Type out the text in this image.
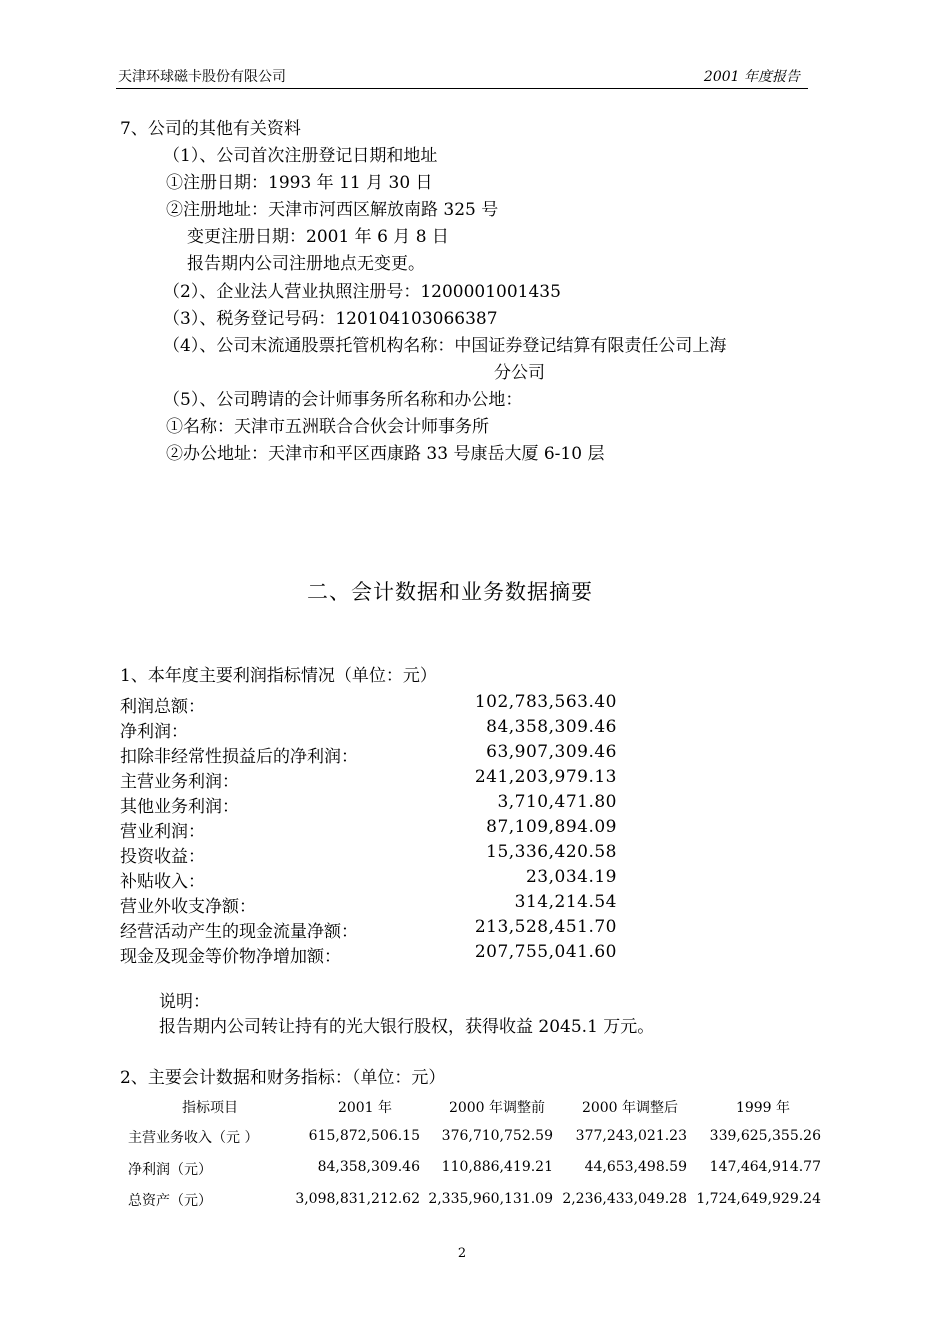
天津环球磁卡股份有限公司	2001 年度报告
7、公司的其他有关资料
（1）、公司首次注册登记日期和地址
①注册日期：1993 年 11 月 30 日
②注册地址：天津市河西区解放南路 325 号
变更注册日期：2001 年 6 月 8 日
报告期内公司注册地点无变更。
（2）、企业法人营业执照注册号：1200001001435
（3）、税务登记号码：120104103066387
（4）、公司末流通股票托管机构名称：中国证券登记结算有限责任公司上海
分公司
（5）、公司聘请的会计师事务所名称和办公地：
①名称：天津市五洲联合合伙会计师事务所
②办公地址：天津市和平区西康路 33 号康岳大厦 6-10 层
二、会计数据和业务数据摘要
1、本年度主要利润指标情况（单位：元）
利润总额：	102,783,563.40
净利润：	84,358,309.46
扣除非经常性损益后的净利润：	63,907,309.46
主营业务利润：	241,203,979.13
其他业务利润：	3,710,471.80
营业利润：	87,109,894.09
投资收益：	15,336,420.58
补贴收入：	23,034.19
营业外收支净额：	314,214.54
经营活动产生的现金流量净额：	213,528,451.70
现金及现金等价物净增加额：	207,755,041.60
说明：
报告期内公司转让持有的光大银行股权，获得收益 2045.1 万元。
2、主要会计数据和财务指标：（单位：元）
指标项目	2001 年	2000 年调整前	2000 年调整后	1999 年
主营业务收入（元 ）	615,872,506.15 376,710,752.59 377,243,021.23 339,625,355.26
净利润（元）	84,358,309.46 110,886,419.21 44,653,498.59 147,464,914.77
总资产（元）	3,098,831,212.62 2,335,960,131.09 2,236,433,049.28 1,724,649,929.24
2
